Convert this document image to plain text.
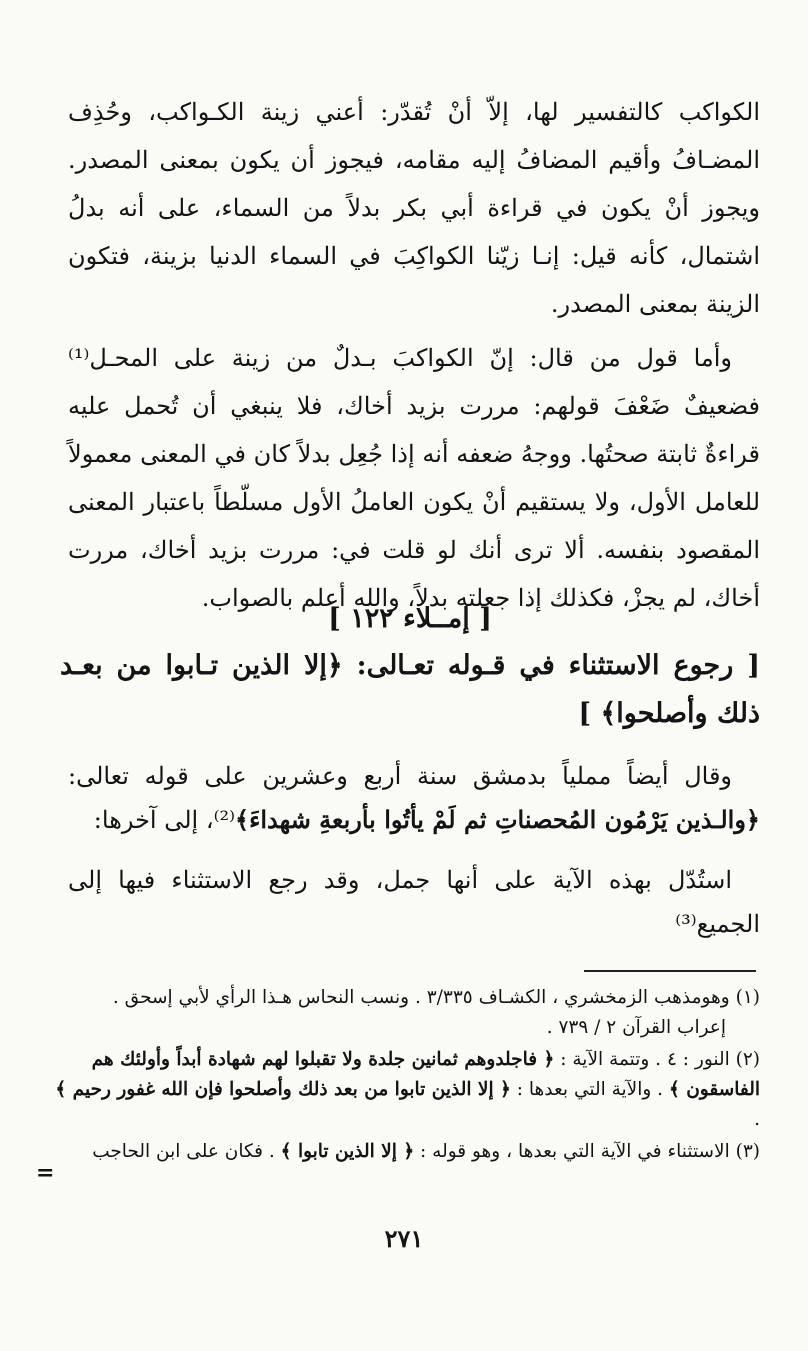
الكواكب كالتفسير لها، إلاّ أنْ تُقدّر: أعني زينة الكـواكب، وحُذِف المضـافُ وأقيم المضافُ إليه مقامه، فيجوز أن يكون بمعنى المصدر. ويجوز أنْ يكون في قراءة أبي بكر بدلاً من السماء، على أنه بدلُ اشتمال، كأنه قيل: إنـا زيّنا الكواكِبَ في السماء الدنيا بزينة، فتكون الزينة بمعنى المصدر.

وأما قول من قال: إنّ الكواكبَ بـدلٌ من زينة على المحـل⁽¹⁾ فضعيفٌ ضَعْفَ قولهم: مررت بزيد أخاك، فلا ينبغي أن تُحمل عليه قراءةٌ ثابتة صحتُها. ووجهُ ضعفه أنه إذا جُعِل بدلاً كان في المعنى معمولاً للعامل الأول، ولا يستقيم أنْ يكون العاملُ الأول مسلّطاً باعتبار المعنى المقصود بنفسه. ألا ترى أنك لو قلت في: مررت بزيد أخاك، مررت أخاك، لم يجزْ، فكذلك إذا جعلته بدلاً، والله أعلم بالصواب.

[ إمــلاء ١٢٢ ]
[ رجوع الاستثناء في قـوله تعـالى: ﴿إلا الذين تـابوا من بعـد ذلك وأصلحوا﴾ ]

وقال أيضاً مملياً بدمشق سنة أربع وعشرين على قوله تعالى: ﴿والـذين يَرْمُون المُحصناتِ ثم لَمْ يأتُوا بأربعةِ شهداءَ﴾⁽²⁾، إلى آخرها:

استُدّل بهذه الآية على أنها جمل، وقد رجع الاستثناء فيها إلى الجميع⁽³⁾

(١) وهومذهب الزمخشري ، الكشـاف ٣/٣٣٥ . ونسب النحاس هـذا الرأي لأبي إسحق .
إعراب القرآن ٢ / ٧٣٩ .

(٢) النور : ٤ . وتتمة الآية : ﴿ فاجلدوهم ثمانين جلدة ولا تقبلوا لهم شهادة أبداً وأولئك هم الفاسقون ﴾ . والآية التي بعدها : ﴿ إلا الذين تابوا من بعد ذلك وأصلحوا فإن الله غفور رحيم ﴾ .

(٣) الاستثناء في الآية التي بعدها ، وهو قوله : ﴿ إلا الذين تابوا ﴾ . فكان على ابن الحاجب

=
٢٧١
